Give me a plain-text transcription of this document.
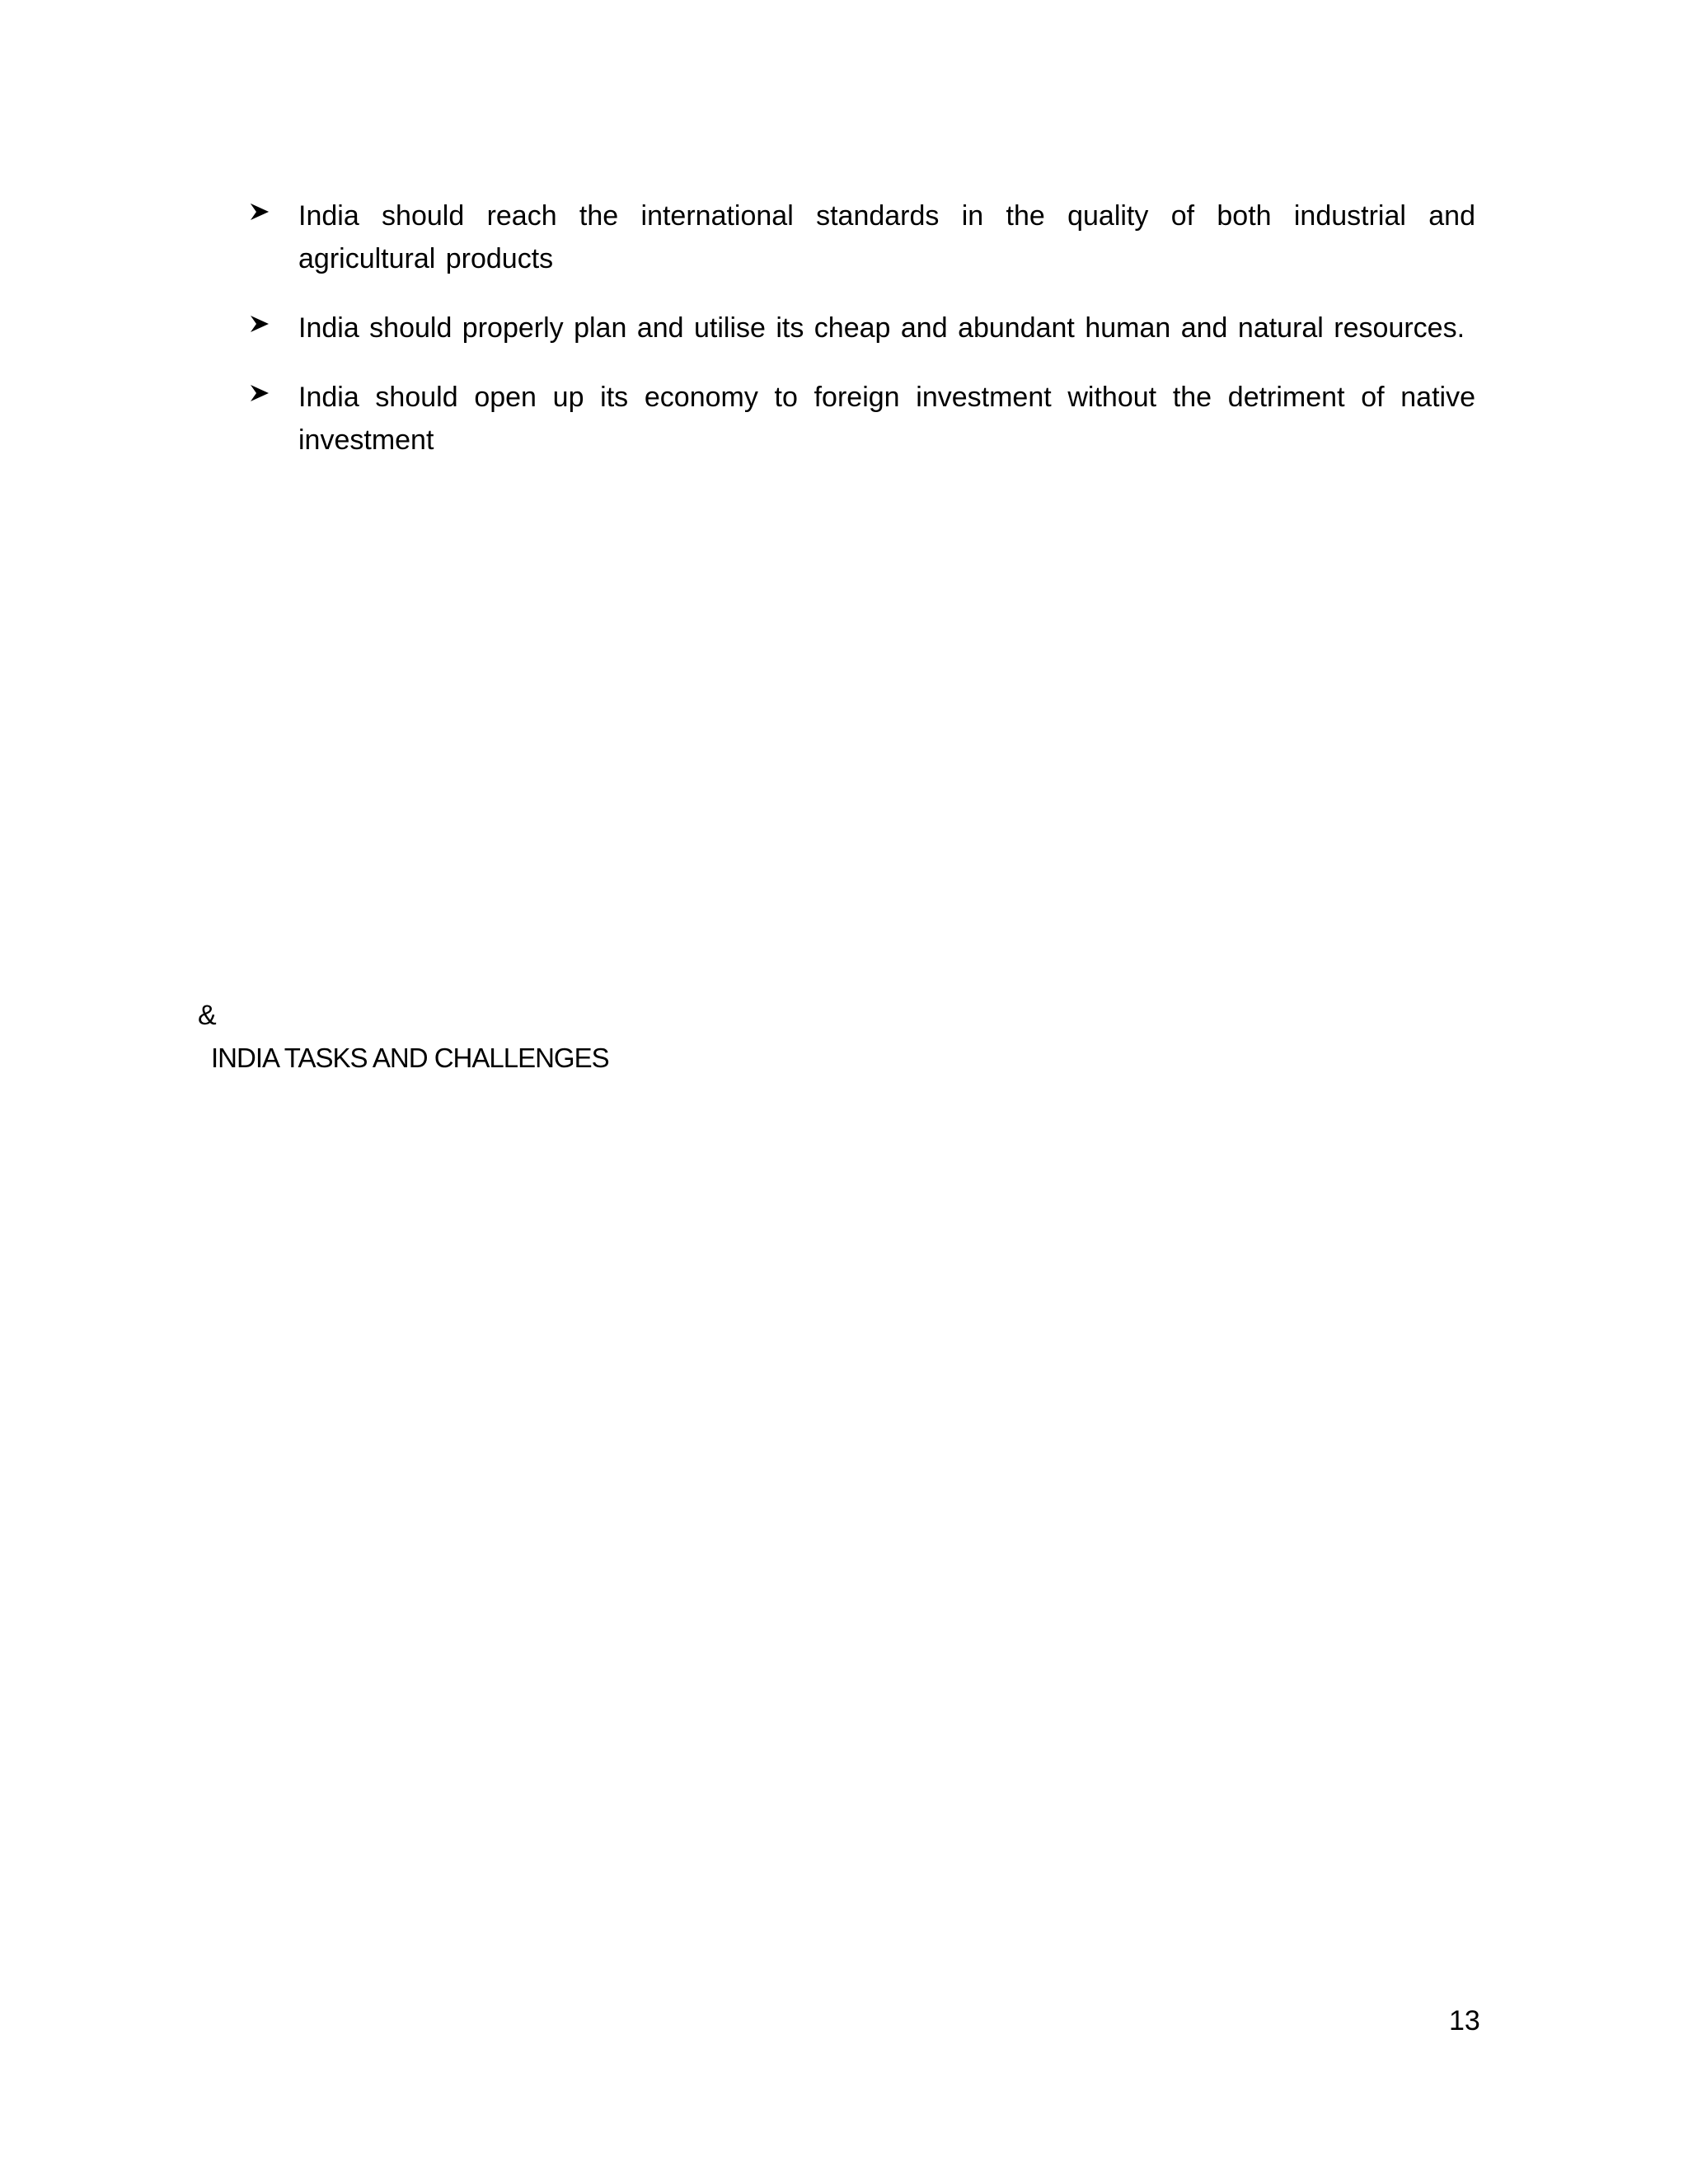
India should reach the international standards in the quality of both industrial and agricultural products
India should properly plan and utilise its cheap and abundant human and natural resources.
India should open up its economy to foreign investment without the detriment of native investment
&
INDIA TASKS AND CHALLENGES
13
